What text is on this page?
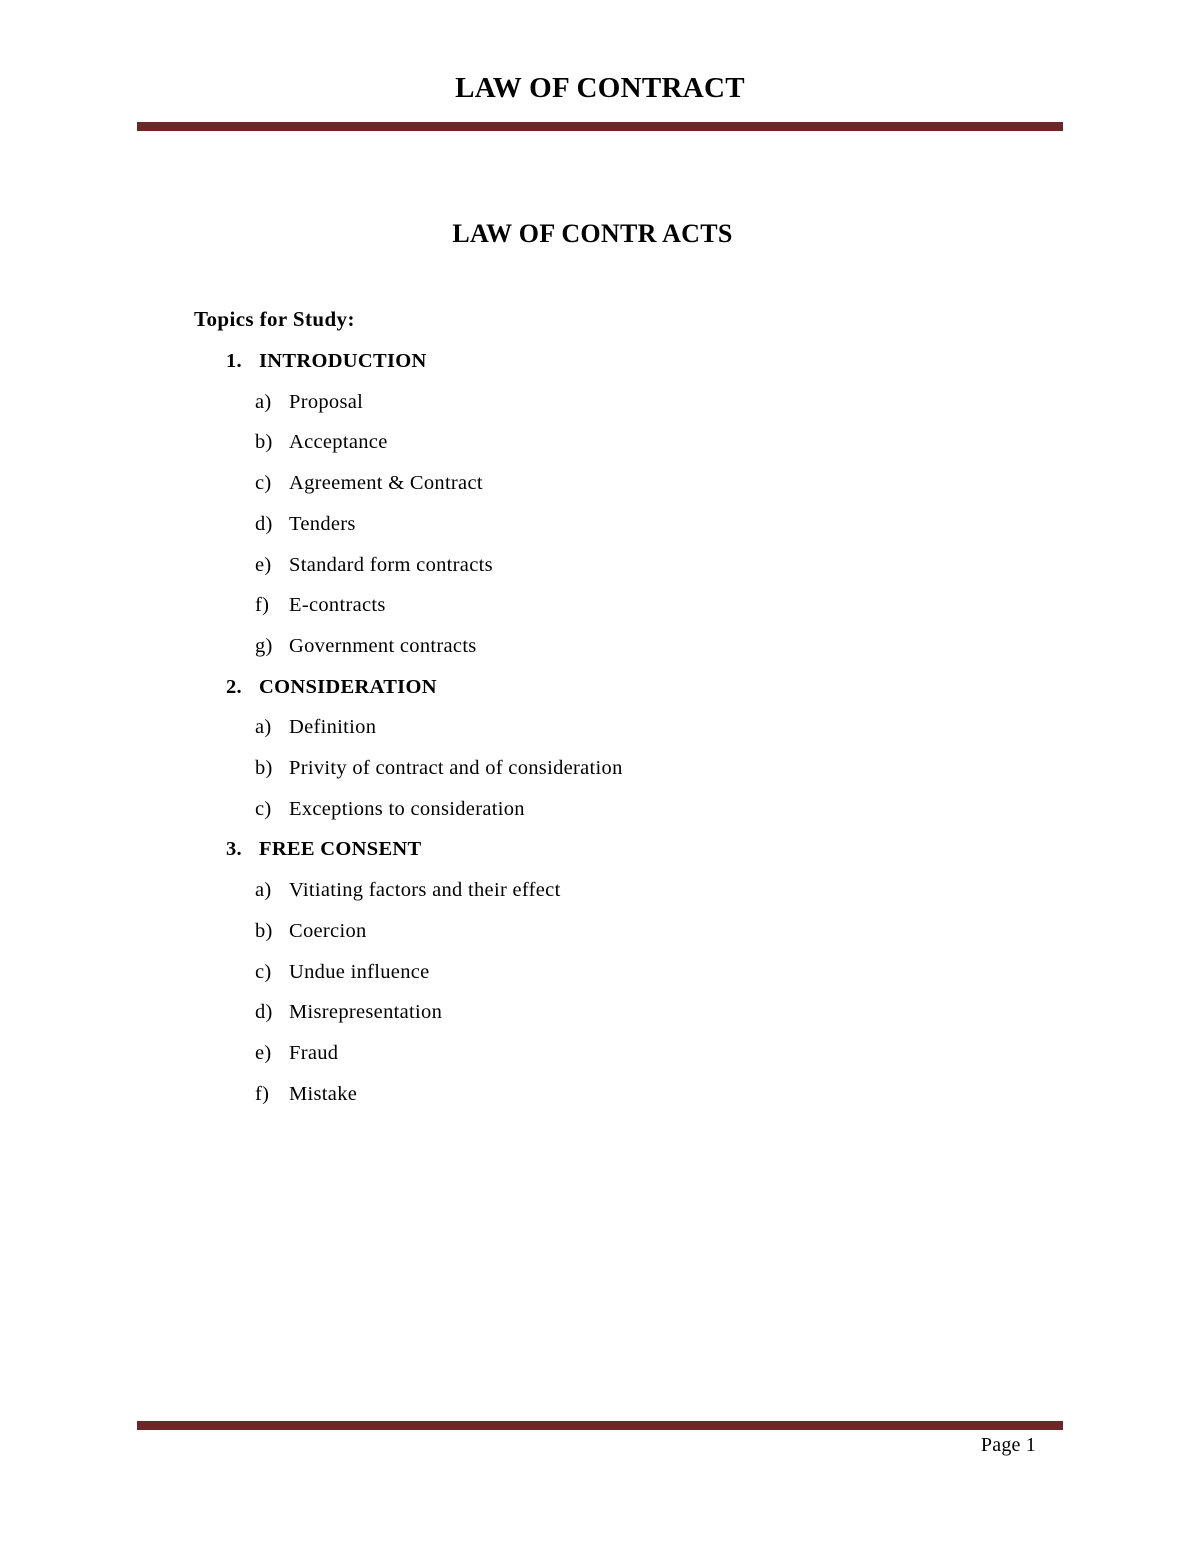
LAW OF CONTRACT
LAW OF CONTR ACTS
Topics for Study:
1. INTRODUCTION
a) Proposal
b) Acceptance
c) Agreement & Contract
d) Tenders
e) Standard form contracts
f) E-contracts
g) Government contracts
2. CONSIDERATION
a) Definition
b) Privity of contract and of consideration
c) Exceptions to consideration
3. FREE CONSENT
a) Vitiating factors and their effect
b) Coercion
c) Undue influence
d) Misrepresentation
e) Fraud
f) Mistake
Page 1
